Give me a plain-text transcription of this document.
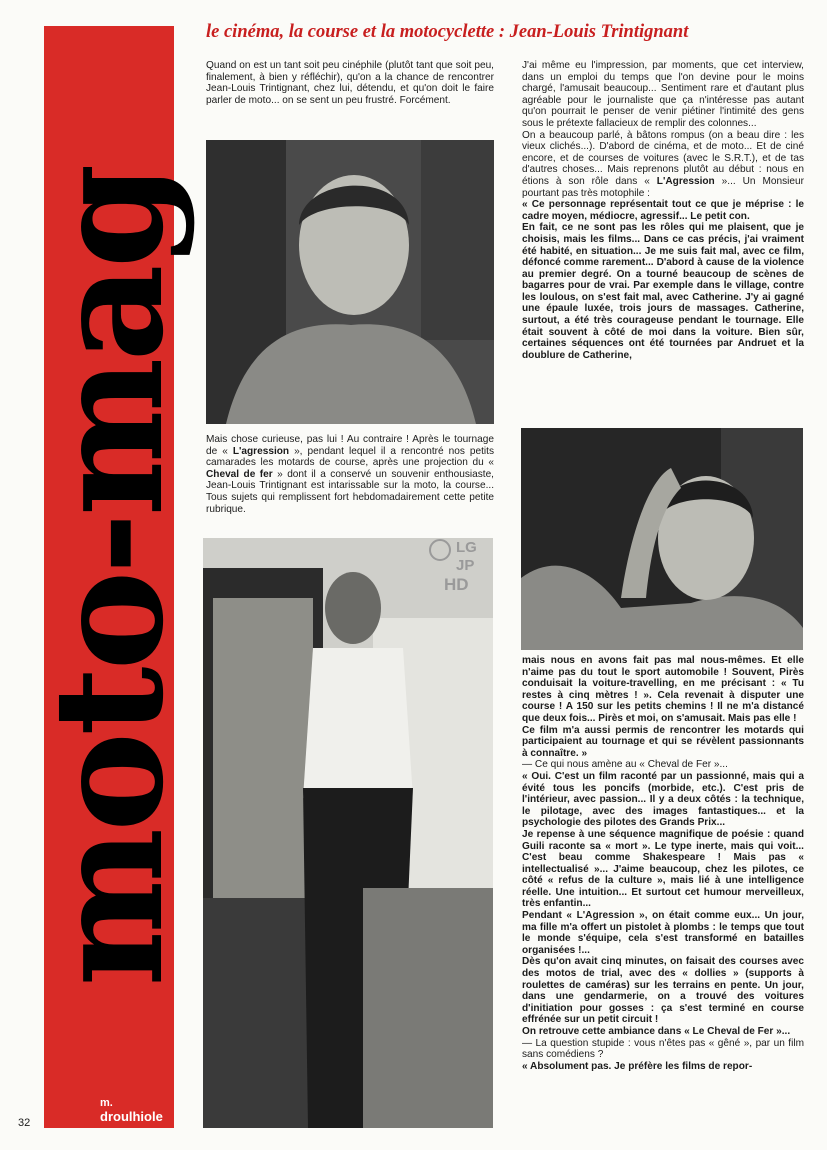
moto-mag
m.
droulhiole
32
le cinéma, la course et la motocyclette : Jean-Louis Trintignant

Quand on est un tant soit peu cinéphile (plutôt tant que soit peu, finalement, à bien y réfléchir), qu'on a la chance de rencontrer Jean-Louis Trintignant, chez lui, détendu, et qu'on doit le faire parler de moto... on se sent un peu frustré. Forcément.

Mais chose curieuse, pas lui ! Au contraire ! Après le tournage de « L'agression », pendant lequel il a rencontré nos petits camarades les motards de course, après une projection du « Cheval de fer » dont il a conservé un souvenir enthousiaste, Jean-Louis Trintignant est intarissable sur la moto, la course... Tous sujets qui remplissent fort hebdomadairement cette petite rubrique.

LG
JP
HD

J'ai même eu l'impression, par moments, que cet interview, dans un emploi du temps que l'on devine pour le moins chargé, l'amusait beaucoup... Sentiment rare et d'autant plus agréable pour le journaliste que ça n'intéresse pas autant qu'on pourrait le penser de venir piétiner l'intimité des gens sous le prétexte fallacieux de remplir des colonnes...

On a beaucoup parlé, à bâtons rompus (on a beau dire : les vieux clichés...). D'abord de cinéma, et de moto... Et de ciné encore, et de courses de voitures (avec le S.R.T.), et de tas d'autres choses... Mais reprenons plutôt au début : nous en étions à son rôle dans « L'Agression »... Un Monsieur pourtant pas très motophile :

« Ce personnage représentait tout ce que je méprise : le cadre moyen, médiocre, agressif... Le petit con.

En fait, ce ne sont pas les rôles qui me plaisent, que je choisis, mais les films... Dans ce cas précis, j'ai vraiment été habité, en situation... Je me suis fait mal, avec ce film, défoncé comme rarement... D'abord à cause de la violence au premier degré. On a tourné beaucoup de scènes de bagarres pour de vrai. Par exemple dans le village, contre les loulous, on s'est fait mal, avec Catherine. J'y ai gagné une épaule luxée, trois jours de massages. Catherine, surtout, a été très courageuse pendant le tournage. Elle était souvent à côté de moi dans la voiture. Bien sûr, certaines séquences ont été tournées par Andruet et la doublure de Catherine,

mais nous en avons fait pas mal nous-mêmes. Et elle n'aime pas du tout le sport automobile ! Souvent, Pirès conduisait la voiture-travelling, en me précisant : « Tu restes à cinq mètres ! ». Cela revenait à disputer une course ! A 150 sur les petits chemins ! Il ne m'a distancé que deux fois... Pirès et moi, on s'amusait. Mais pas elle !

Ce film m'a aussi permis de rencontrer les motards qui participaient au tournage et qui se révèlent passionnants à connaître. »

— Ce qui nous amène au « Cheval de Fer »...

« Oui. C'est un film raconté par un passionné, mais qui a évité tous les poncifs (morbide, etc.). C'est pris de l'intérieur, avec passion... Il y a deux côtés : la technique, le pilotage, avec des images fantastiques... et la psychologie des pilotes des Grands Prix...

Je repense à une séquence magnifique de poésie : quand Guili raconte sa « mort ». Le type inerte, mais qui voit... C'est beau comme Shakespeare ! Mais pas « intellectualisé »... J'aime beaucoup, chez les pilotes, ce côté « refus de la culture », mais lié à une intelligence réelle. Une intuition... Et surtout cet humour merveilleux, très enfantin...

Pendant « L'Agression », on était comme eux... Un jour, ma fille m'a offert un pistolet à plombs : le temps que tout le monde s'équipe, cela s'est transformé en batailles organisées !...

Dès qu'on avait cinq minutes, on faisait des courses avec des motos de trial, avec des « dollies » (supports à roulettes de caméras) sur les terrains en pente. Un jour, dans une gendarmerie, on a trouvé des voitures d'initiation pour gosses : ça s'est terminé en course effrénée sur un petit circuit !

On retrouve cette ambiance dans « Le Cheval de Fer »...

— La question stupide : vous n'êtes pas « gêné », par un film sans comédiens ?

« Absolument pas. Je préfère les films de repor-
